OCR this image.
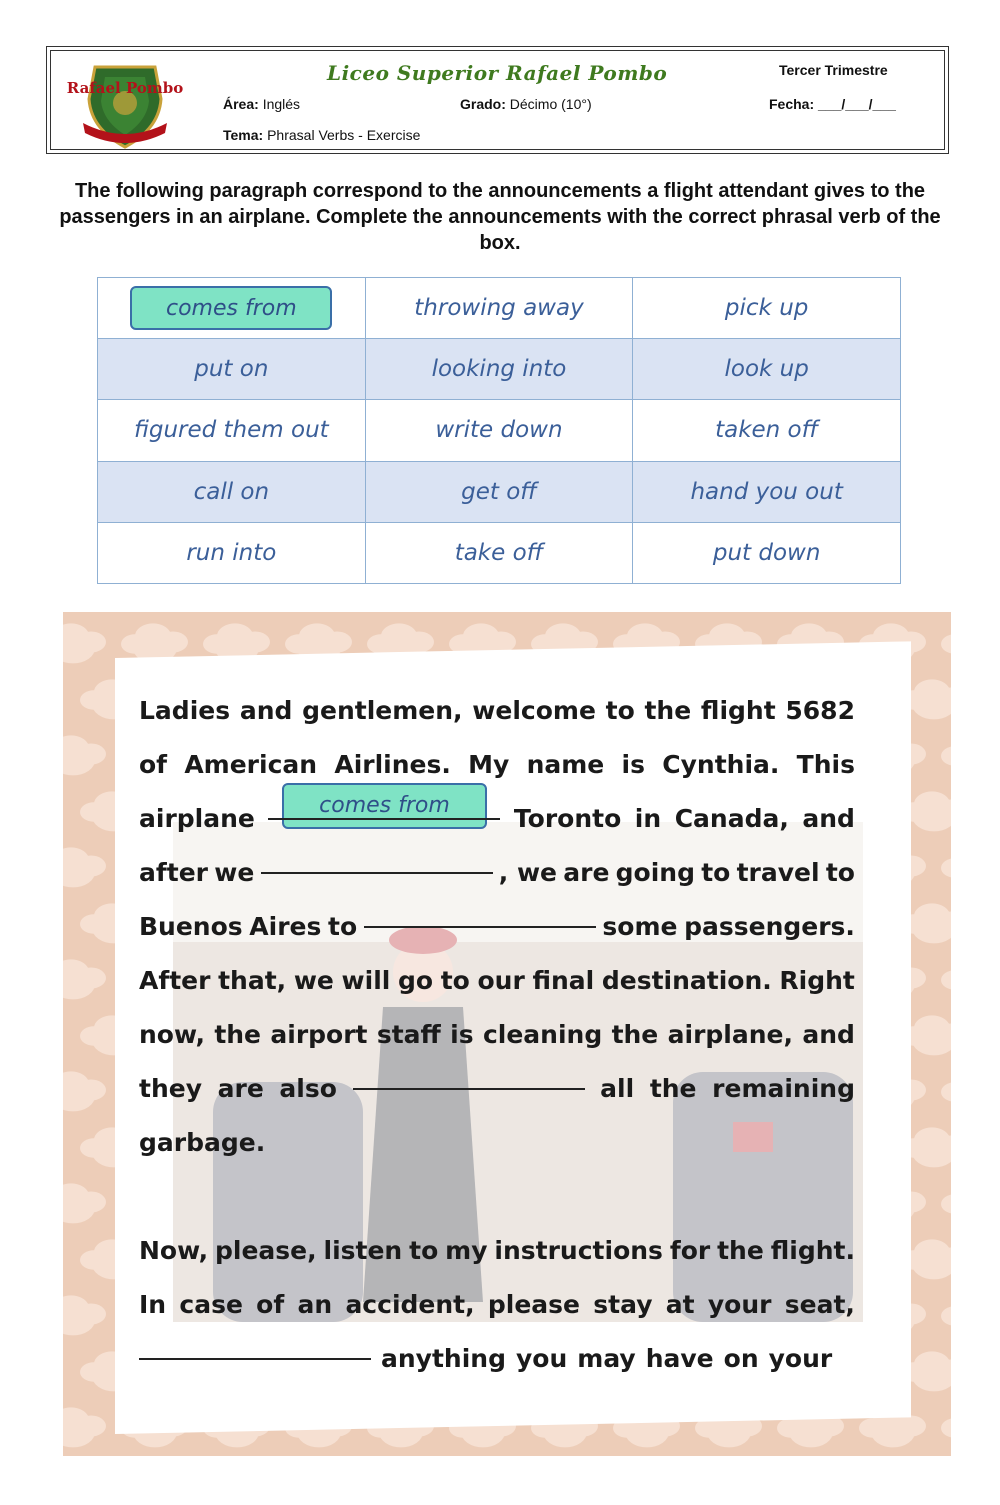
Rafael Pombo
Liceo Superior Rafael Pombo	Tercer Trimestre
Área: Inglés	Grado: Décimo (10°)	Fecha: ___/___/___
Tema: Phrasal Verbs - Exercise
The following paragraph correspond to the announcements a flight attendant gives to the passengers in an airplane. Complete the announcements with the correct phrasal verb of the box.
comes from	throwing away	pick up
put on	looking into	look up
figured them out	write down	taken off
call on	get off	hand you out
run into	take off	put down
comes from
Ladies and gentlemen, welcome to the flight 5682
of American Airlines. My name is Cynthia. This
airplane	Toronto in Canada, and
after we	, we are going to travel to
Buenos Aires to	some passengers.
After that, we will go to our final destination. Right
now, the airport staff is cleaning the airplane, and
they are also	all the remaining
garbage.
Now, please, listen to my instructions for the flight.
In case of an accident, please stay at your seat,
anything you may have on your
